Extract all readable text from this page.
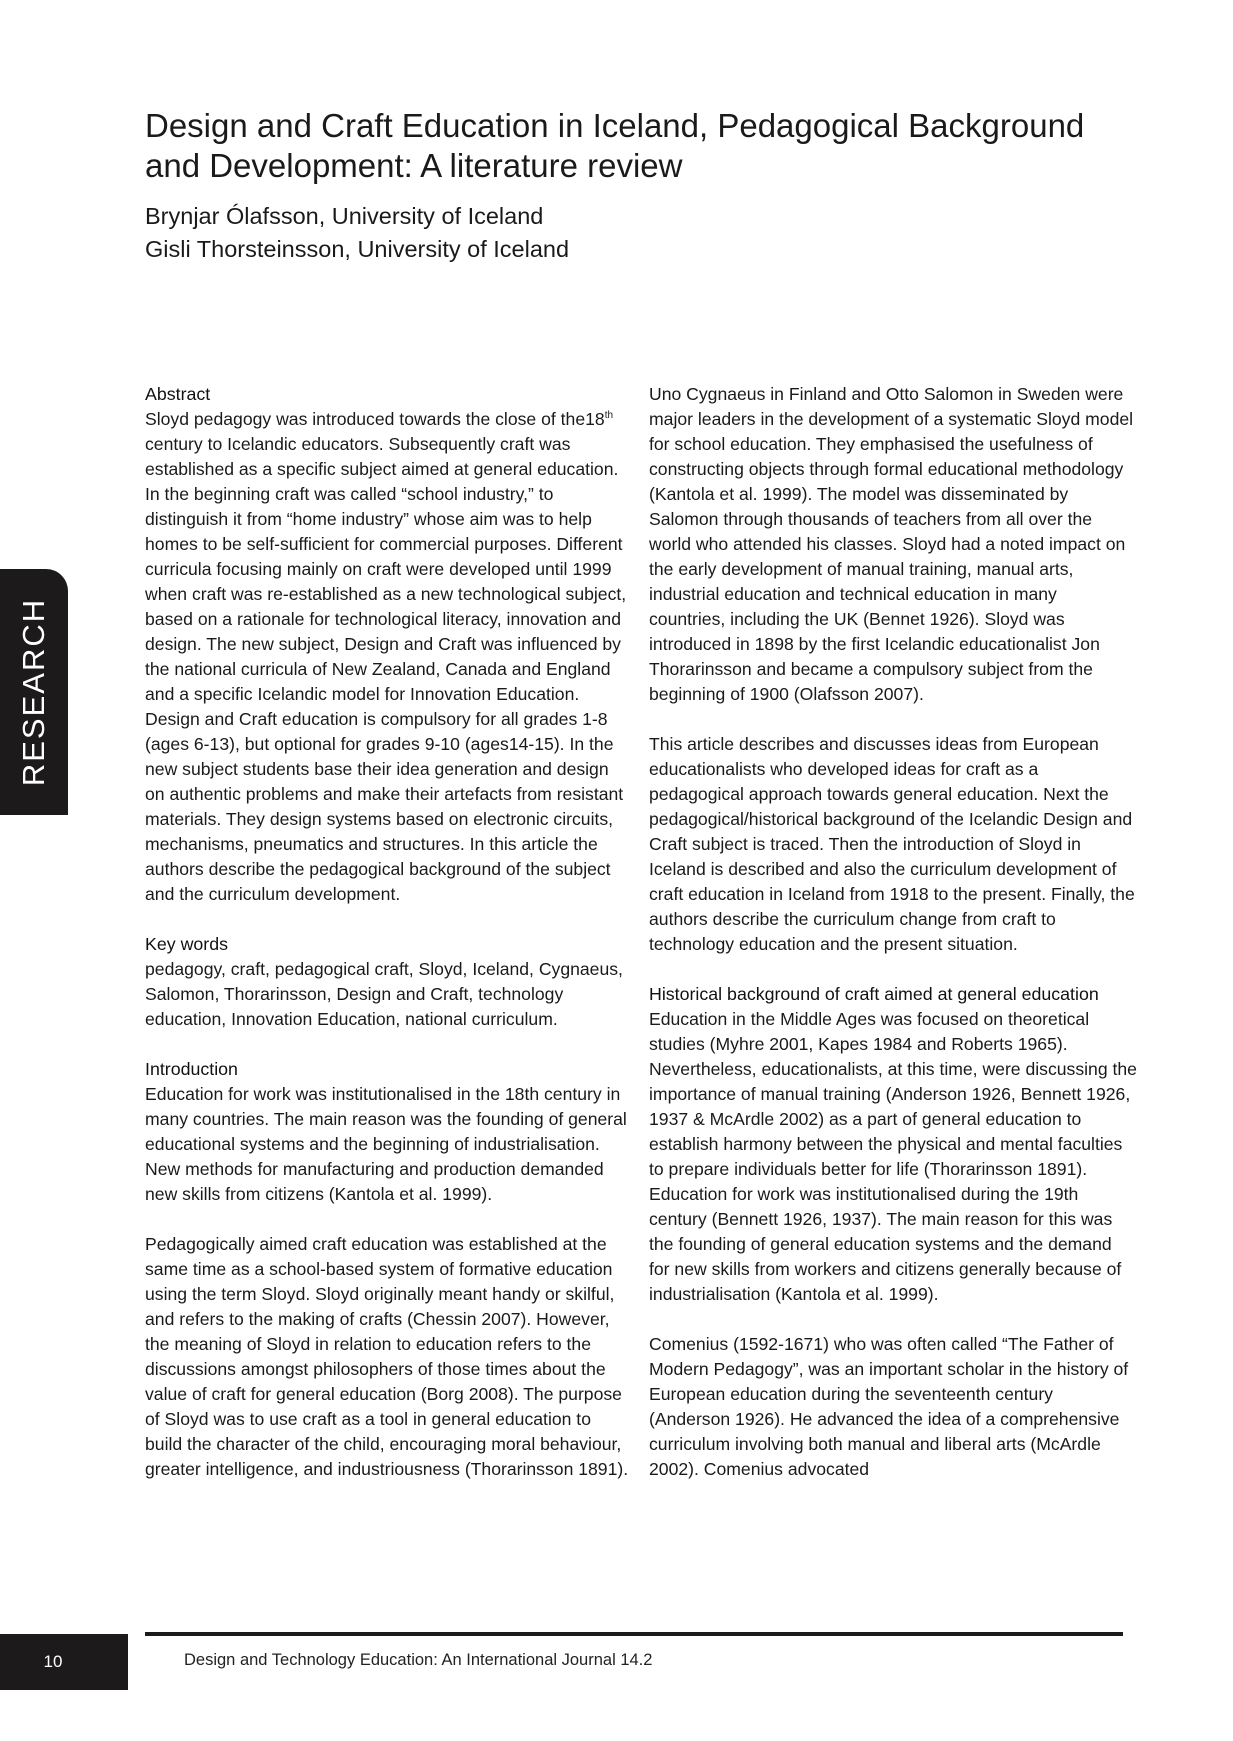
Design and Craft Education in Iceland, Pedagogical Background and Development: A literature review
Brynjar Ólafsson, University of Iceland
Gisli Thorsteinsson, University of Iceland
RESEARCH
Abstract

Sloyd pedagogy was introduced towards the close of the18th century to Icelandic educators. Subsequently craft was established as a specific subject aimed at general education. In the beginning craft was called “school industry,” to distinguish it from “home industry” whose aim was to help homes to be self-sufficient for commercial purposes. Different curricula focusing mainly on craft were developed until 1999 when craft was re-established as a new technological subject, based on a rationale for technological literacy, innovation and design. The new subject, Design and Craft was influenced by the national curricula of New Zealand, Canada and England and a specific Icelandic model for Innovation Education. Design and Craft education is compulsory for all grades 1-8 (ages 6-13), but optional for grades 9-10 (ages14-15). In the new subject students base their idea generation and design on authentic problems and make their artefacts from resistant materials. They design systems based on electronic circuits, mechanisms, pneumatics and structures. In this article the authors describe the pedagogical background of the subject and the curriculum development.

Key words

pedagogy, craft, pedagogical craft, Sloyd, Iceland, Cygnaeus, Salomon, Thorarinsson, Design and Craft, technology education, Innovation Education, national curriculum.

Introduction

Education for work was institutionalised in the 18th century in many countries. The main reason was the founding of general educational systems and the beginning of industrialisation. New methods for manufacturing and production demanded new skills from citizens (Kantola et al. 1999).

Pedagogically aimed craft education was established at the same time as a school-based system of formative education using the term Sloyd. Sloyd originally meant handy or skilful, and refers to the making of crafts (Chessin 2007). However, the meaning of Sloyd in relation to education refers to the discussions amongst philosophers of those times about the value of craft for general education (Borg 2008). The purpose of Sloyd was to use craft as a tool in general education to build the character of the child, encouraging moral behaviour, greater intelligence, and industriousness (Thorarinsson 1891).

Uno Cygnaeus in Finland and Otto Salomon in Sweden were major leaders in the development of a systematic Sloyd model for school education. They emphasised the usefulness of constructing objects through formal educational methodology (Kantola et al. 1999). The model was disseminated by Salomon through thousands of teachers from all over the world who attended his classes. Sloyd had a noted impact on the early development of manual training, manual arts, industrial education and technical education in many countries, including the UK (Bennet 1926). Sloyd was introduced in 1898 by the first Icelandic educationalist Jon Thorarinsson and became a compulsory subject from the beginning of 1900 (Olafsson 2007).

This article describes and discusses ideas from European educationalists who developed ideas for craft as a pedagogical approach towards general education. Next the pedagogical/historical background of the Icelandic Design and Craft subject is traced. Then the introduction of Sloyd in Iceland is described and also the curriculum development of craft education in Iceland from 1918 to the present. Finally, the authors describe the curriculum change from craft to technology education and the present situation.

Historical background of craft aimed at general education

Education in the Middle Ages was focused on theoretical studies (Myhre 2001, Kapes 1984 and Roberts 1965). Nevertheless, educationalists, at this time, were discussing the importance of manual training (Anderson 1926, Bennett 1926, 1937 & McArdle 2002) as a part of general education to establish harmony between the physical and mental faculties to prepare individuals better for life (Thorarinsson 1891). Education for work was institutionalised during the 19th century (Bennett 1926, 1937). The main reason for this was the founding of general education systems and the demand for new skills from workers and citizens generally because of industrialisation (Kantola et al. 1999).

Comenius (1592-1671) who was often called “The Father of Modern Pedagogy”, was an important scholar in the history of European education during the seventeenth century (Anderson 1926). He advanced the idea of a comprehensive curriculum involving both manual and liberal arts (McArdle 2002). Comenius advocated

10	Design and Technology Education: An International Journal 14.2
